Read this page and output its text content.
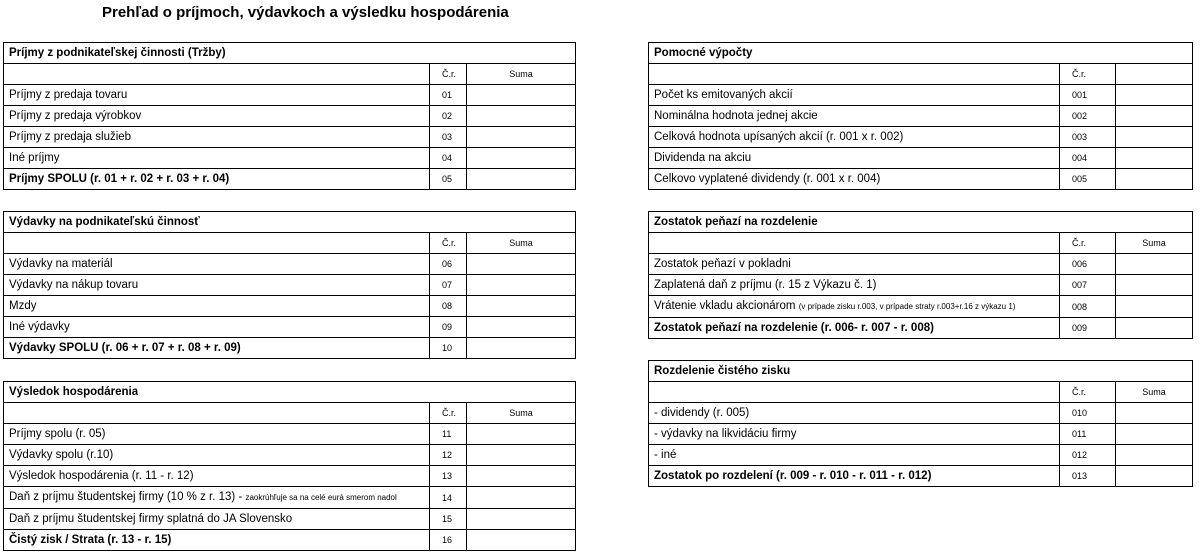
Prehľad o príjmoch, výdavkoch a výsledku hospodárenia
Príjmy z podnikateľskej činnosti (Tržby)		
	Č.r.	Suma
Príjmy z predaja tovaru	01	
Príjmy z predaja výrobkov	02	
Príjmy z predaja služieb	03	
Iné príjmy	04	
Príjmy SPOLU (r. 01 + r. 02 + r. 03 + r. 04)	05	
Výdavky na podnikateľskú činnosť		
	Č.r.	Suma
Výdavky na materiál	06	
Výdavky na nákup tovaru	07	
Mzdy	08	
Iné výdavky	09	
Výdavky SPOLU (r. 06 + r. 07 + r. 08 + r. 09)	10	
Výsledok hospodárenia		
	Č.r.	Suma
Príjmy spolu (r. 05)	11	
Výdavky spolu (r.10)	12	
Výsledok hospodárenia (r. 11 - r. 12)	13	
Daň z príjmu študentskej firmy (10 % z r. 13) - zaokrúhľuje sa na celé eurá smerom nadol	14	
Daň z príjmu študentskej firmy splatná do JA Slovensko	15	
Čistý zisk / Strata (r. 13 - r. 15)	16	
Pomocné výpočty		
	Č.r.	
Počet ks emitovaných akcií	001	
Nominálna hodnota jednej akcie	002	
Celková hodnota upísaných akcií (r. 001 x r. 002)	003	
Dividenda na akciu	004	
Celkovo vyplatené dividendy (r. 001 x r. 004)	005	
Zostatok peňazí na rozdelenie		
	Č.r.	Suma
Zostatok peňazí v pokladni	006	
Zaplatená daň z príjmu (r. 15 z Výkazu č. 1)	007	
Vrátenie vkladu akcionárom (v prípade zisku r.003, v prípade straty r.003+r.16 z výkazu 1)	008	
Zostatok peňazí na rozdelenie (r. 006- r. 007 - r. 008)	009	
Rozdelenie čistého zisku		
	Č.r.	Suma
- dividendy (r. 005)	010	
- výdavky na likvidáciu firmy	011	
- iné	012	
Zostatok po rozdelení (r. 009 - r. 010 - r. 011 - r. 012)	013	
